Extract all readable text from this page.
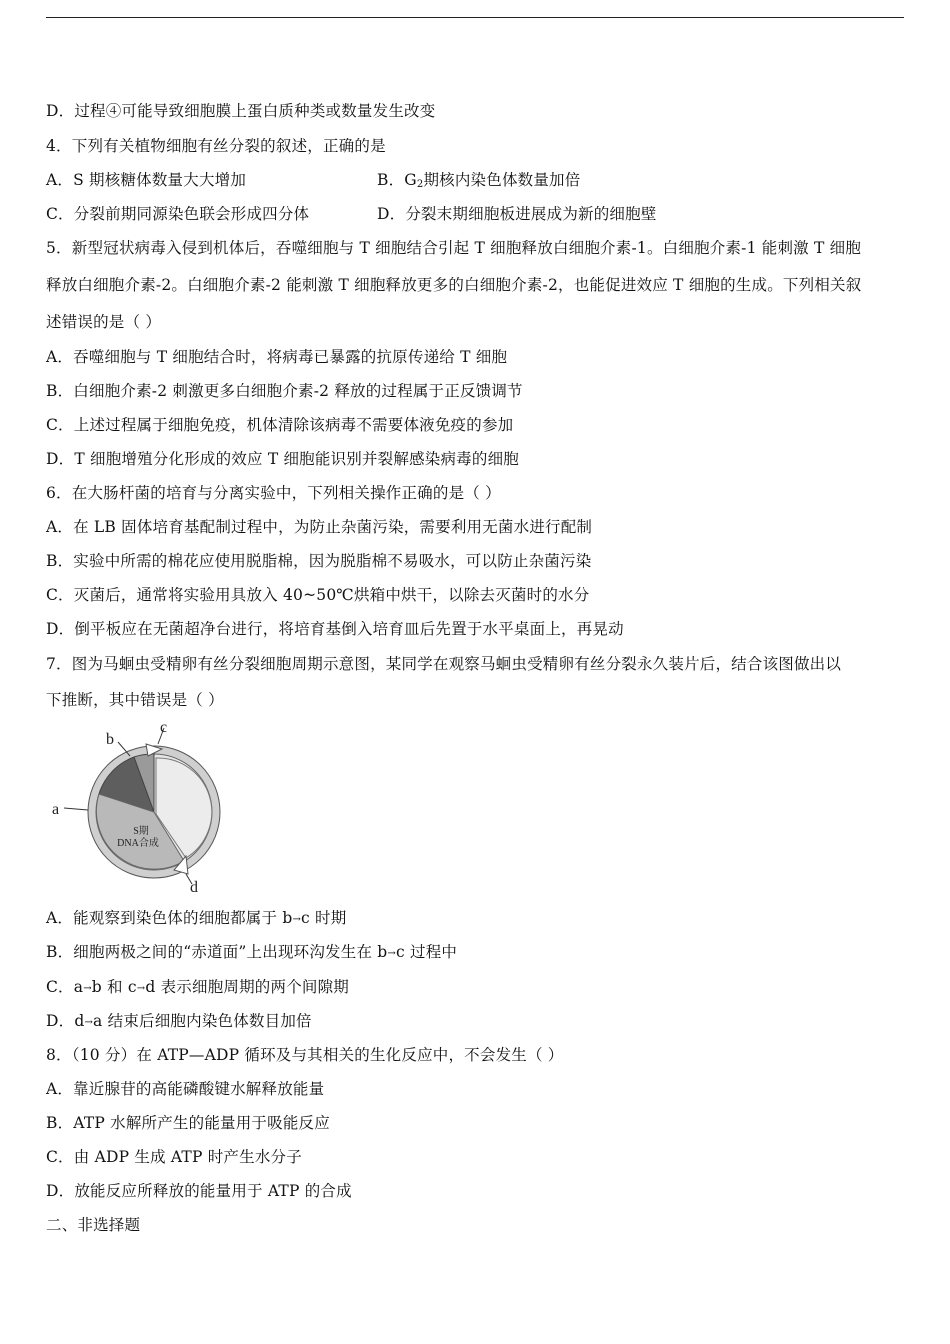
D．过程④可能导致细胞膜上蛋白质种类或数量发生改变
4．下列有关植物细胞有丝分裂的叙述，正确的是
A．S 期核糖体数量大大增加	B．$G_2$期核内染色体数量加倍
C．分裂前期同源染色联会形成四分体	D．分裂末期细胞板进展成为新的细胞壁
5．新型冠状病毒入侵到机体后，吞噬细胞与 T 细胞结合引起 T 细胞释放白细胞介素-1。白细胞介素-1 能刺激 T 细胞
释放白细胞介素-2。白细胞介素-2 能刺激 T 细胞释放更多的白细胞介素-2，也能促进效应 T 细胞的生成。下列相关叙
述错误的是（ ）
A．吞噬细胞与 T 细胞结合时，将病毒已暴露的抗原传递给 T 细胞
B．白细胞介素-2 刺激更多白细胞介素-2 释放的过程属于正反馈调节
C．上述过程属于细胞免疫，机体清除该病毒不需要体液免疫的参加
D．T 细胞增殖分化形成的效应 T 细胞能识别并裂解感染病毒的细胞
6．在大肠杆菌的培育与分离实验中，下列相关操作正确的是（ ）
A．在 LB 固体培育基配制过程中，为防止杂菌污染，需要利用无菌水进行配制
B．实验中所需的棉花应使用脱脂棉，因为脱脂棉不易吸水，可以防止杂菌污染
C．灭菌后，通常将实验用具放入 40~50℃烘箱中烘干，以除去灭菌时的水分
D．倒平板应在无菌超净台进行，将培育基倒入培育皿后先置于水平桌面上，再晃动
7．图为马蛔虫受精卵有丝分裂细胞周期示意图，某同学在观察马蛔虫受精卵有丝分裂永久装片后，结合该图做出以
下推断，其中错误是（ ）
a
b
c
d
S期
DNA合成
A．能观察到染色体的细胞都属于 b→c 时期
B．细胞两极之间的“赤道面”上出现环沟发生在 b→c 过程中
C．a→b 和 c→d 表示细胞周期的两个间隙期
D．d→a 结束后细胞内染色体数目加倍
8．（10 分）在 ATP—ADP 循环及与其相关的生化反应中，不会发生（ ）
A．靠近腺苷的高能磷酸键水解释放能量
B．ATP 水解所产生的能量用于吸能反应
C．由 ADP 生成 ATP 时产生水分子
D．放能反应所释放的能量用于 ATP 的合成
二、非选择题
